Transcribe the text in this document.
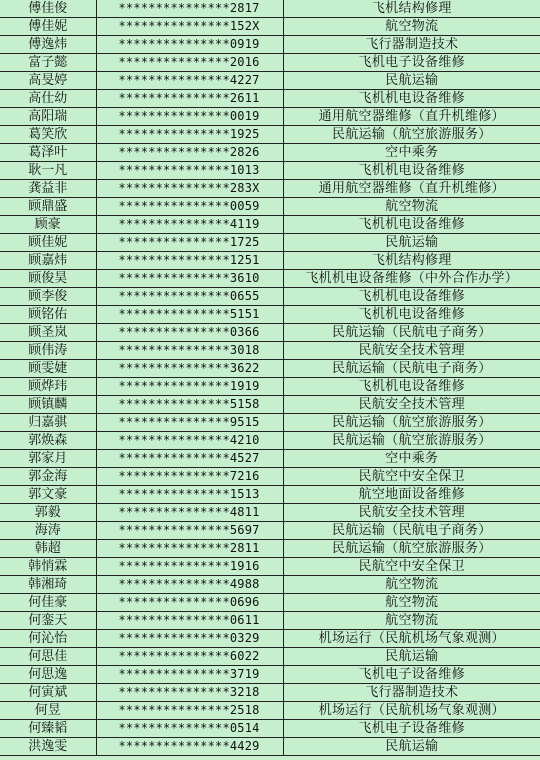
傅佳俊	***************2817	飞机结构修理
傅佳妮	***************152X	航空物流
傅逸炜	***************0919	飞行器制造技术
富子懿	***************2016	飞机电子设备维修
高旻婷	***************4227	民航运输
高仕幼	***************2611	飞机机电设备维修
高阳瑞	***************0019	通用航空器维修（直升机维修）
葛笑欣	***************1925	民航运输（航空旅游服务）
葛泽叶	***************2826	空中乘务
耿一凡	***************1013	飞机机电设备维修
龚益非	***************283X	通用航空器维修（直升机维修）
顾鼎盛	***************0059	航空物流
顾豪	***************4119	飞机机电设备维修
顾佳妮	***************1725	民航运输
顾嘉炜	***************1251	飞机结构修理
顾俊昊	***************3610	飞机机电设备维修（中外合作办学）
顾李俊	***************0655	飞机机电设备维修
顾铭佑	***************5151	飞机机电设备维修
顾圣岚	***************0366	民航运输（民航电子商务）
顾伟涛	***************3018	民航安全技术管理
顾雯婕	***************3622	民航运输（民航电子商务）
顾烨玮	***************1919	飞机机电设备维修
顾镇麟	***************5158	民航安全技术管理
归嘉骐	***************9515	民航运输（航空旅游服务）
郭焕森	***************4210	民航运输（航空旅游服务）
郭家月	***************4527	空中乘务
郭金海	***************7216	民航空中安全保卫
郭文豪	***************1513	航空地面设备维修
郭毅	***************4811	民航安全技术管理
海涛	***************5697	民航运输（民航电子商务）
韩超	***************2811	民航运输（航空旅游服务）
韩悄霖	***************1916	民航空中安全保卫
韩湘琦	***************4988	航空物流
何佳豪	***************0696	航空物流
何銮天	***************0611	航空物流
何沁怡	***************0329	机场运行（民航机场气象观测）
何思佳	***************6022	民航运输
何思逸	***************3719	飞机电子设备维修
何寅斌	***************3218	飞行器制造技术
何昱	***************2518	机场运行（民航机场气象观测）
何臻韬	***************0514	飞机电子设备维修
洪逸雯	***************4429	民航运输
